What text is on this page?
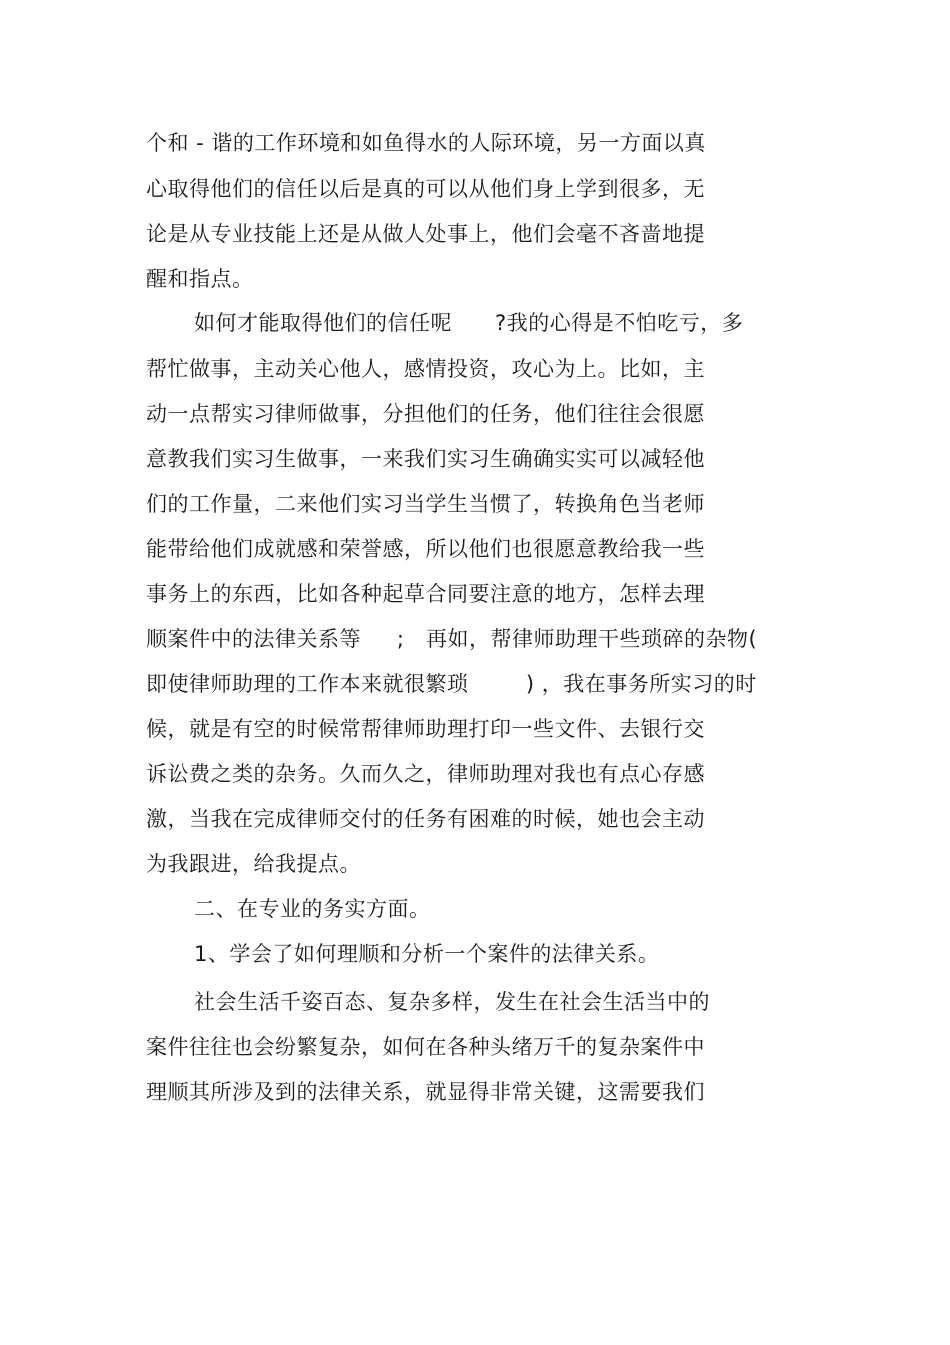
个和 - 谐的工作环境和如鱼得水的人际环境，另一方面以真
心取得他们的信任以后是真的可以从他们身上学到很多，无
论是从专业技能上还是从做人处事上，他们会毫不吝啬地提
醒和指点。
如何才能取得他们的信任呢      ?我的心得是不怕吃亏，多
帮忙做事，主动关心他人，感情投资，攻心为上。比如，主
动一点帮实习律师做事，分担他们的任务，他们往往会很愿
意教我们实习生做事，一来我们实习生确确实实可以减轻他
们的工作量，二来他们实习当学生当惯了，转换角色当老师
能带给他们成就感和荣誉感，所以他们也很愿意教给我一些
事务上的东西，比如各种起草合同要注意的地方，怎样去理
顺案件中的法律关系等     ;   再如，帮律师助理干些琐碎的杂物(
即使律师助理的工作本来就很繁琐        ) ，我在事务所实习的时
候，就是有空的时候常帮律师助理打印一些文件、去银行交
诉讼费之类的杂务。久而久之，律师助理对我也有点心存感
激，当我在完成律师交付的任务有困难的时候，她也会主动
为我跟进，给我提点。
二、在专业的务实方面。
1、学会了如何理顺和分析一个案件的法律关系。
社会生活千姿百态、复杂多样，发生在社会生活当中的
案件往往也会纷繁复杂，如何在各种头绪万千的复杂案件中
理顺其所涉及到的法律关系，就显得非常关键，这需要我们
